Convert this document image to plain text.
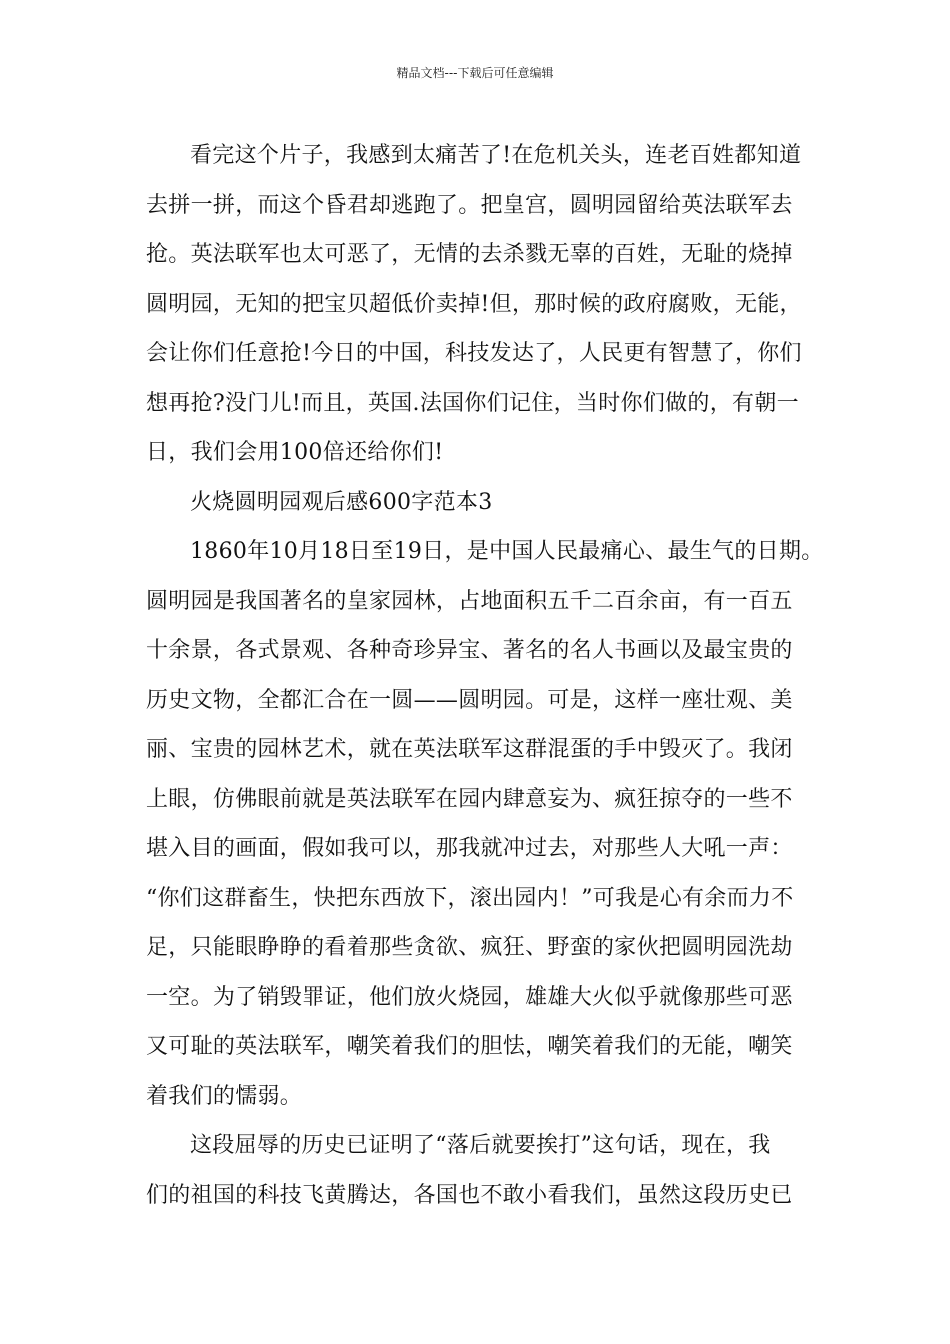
精品文档---下载后可任意编辑
看完这个片子，我感到太痛苦了!在危机关头，连老百姓都知道
去拼一拼，而这个昏君却逃跑了。把皇宫，圆明园留给英法联军去
抢。英法联军也太可恶了，无情的去杀戮无辜的百姓，无耻的烧掉
圆明园，无知的把宝贝超低价卖掉!但，那时候的政府腐败，无能，
会让你们任意抢!今日的中国，科技发达了，人民更有智慧了，你们
想再抢?没门儿!而且，英国.法国你们记住，当时你们做的，有朝一
日，我们会用100倍还给你们!
火烧圆明园观后感600字范本3
1860年10月18日至19日，是中国人民最痛心、最生气的日期。
圆明园是我国著名的皇家园林，占地面积五千二百余亩，有一百五
十余景，各式景观、各种奇珍异宝、著名的名人书画以及最宝贵的
历史文物，全都汇合在一圆——圆明园。可是，这样一座壮观、美
丽、宝贵的园林艺术，就在英法联军这群混蛋的手中毁灭了。我闭
上眼，仿佛眼前就是英法联军在园内肆意妄为、疯狂掠夺的一些不
堪入目的画面，假如我可以，那我就冲过去，对那些人大吼一声：
“你们这群畜生，快把东西放下，滚出园内！”可我是心有余而力不
足，只能眼睁睁的看着那些贪欲、疯狂、野蛮的家伙把圆明园洗劫
一空。为了销毁罪证，他们放火烧园，雄雄大火似乎就像那些可恶
又可耻的英法联军，嘲笑着我们的胆怯，嘲笑着我们的无能，嘲笑
着我们的懦弱。
这段屈辱的历史已证明了“落后就要挨打”这句话，现在，我
们的祖国的科技飞黄腾达，各国也不敢小看我们，虽然这段历史已
